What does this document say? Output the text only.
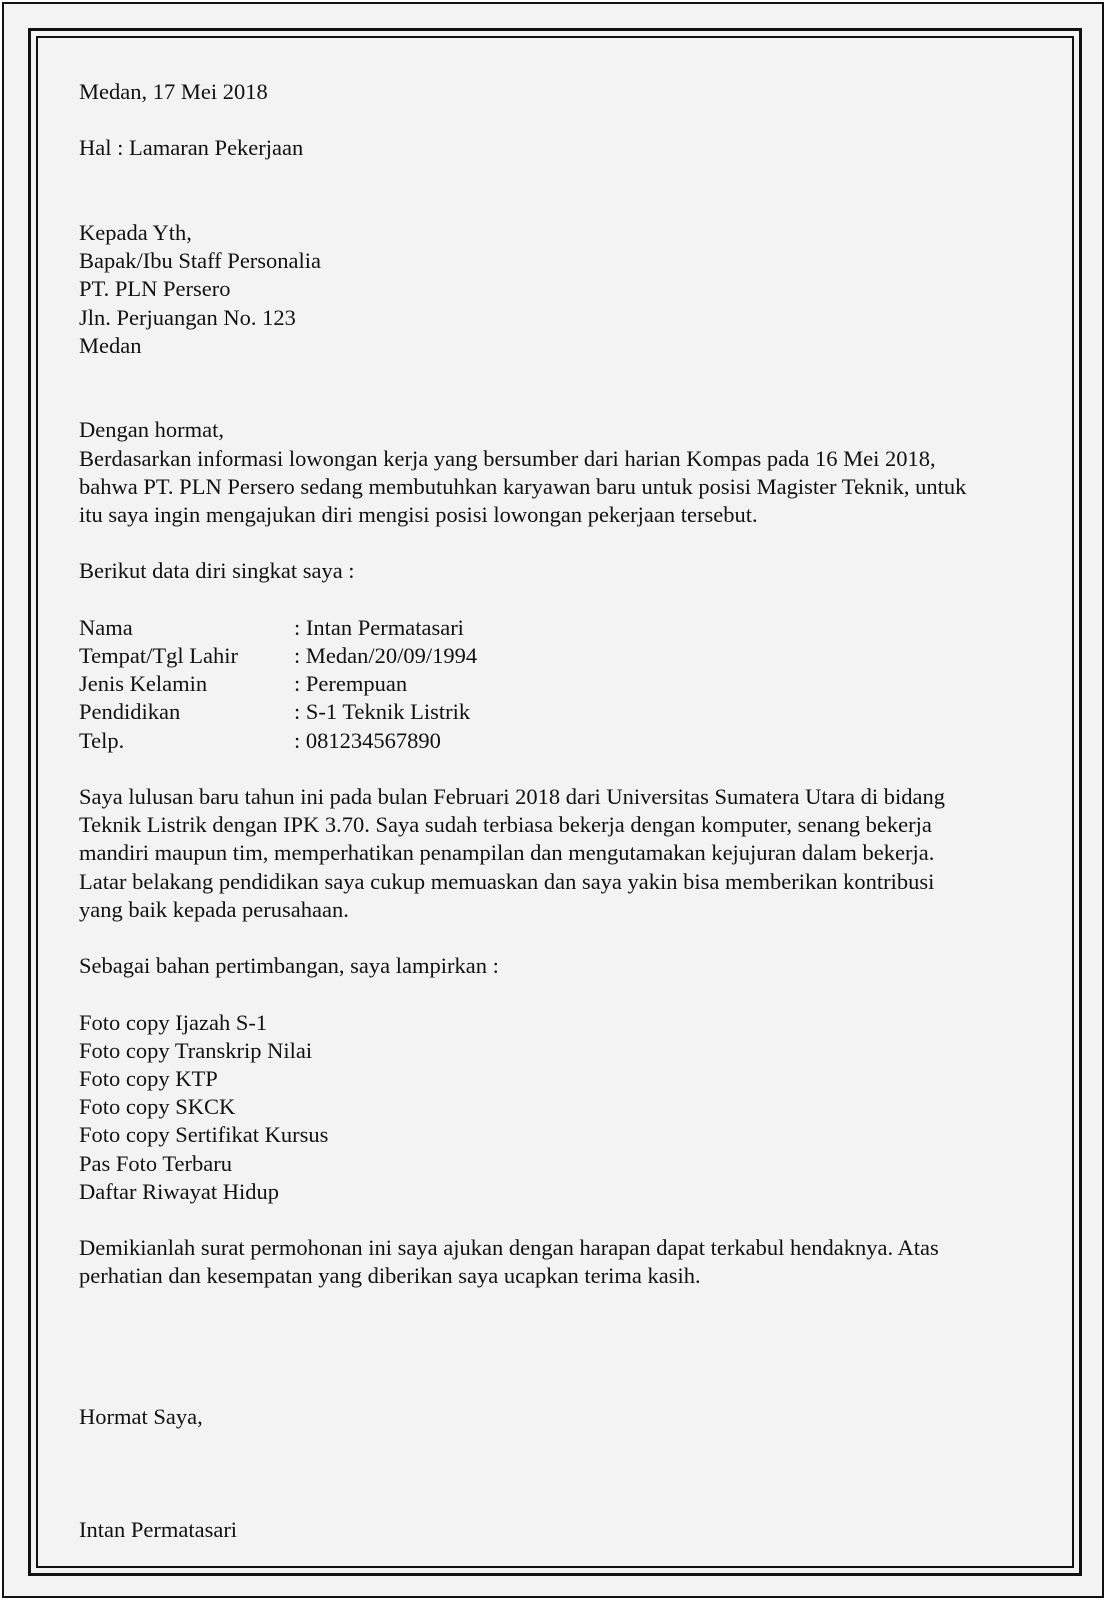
Medan, 17 Mei 2018
Hal : Lamaran Pekerjaan
Kepada Yth,
Bapak/Ibu Staff Personalia
PT. PLN Persero
Jln. Perjuangan No. 123
Medan
Dengan hormat,
Berdasarkan informasi lowongan kerja yang bersumber dari harian Kompas pada 16 Mei 2018,
bahwa PT. PLN Persero sedang membutuhkan karyawan baru untuk posisi Magister Teknik, untuk
itu saya ingin mengajukan diri mengisi posisi lowongan pekerjaan tersebut.
Berikut data diri singkat saya :
Nama	: Intan Permatasari
Tempat/Tgl Lahir	: Medan/20/09/1994
Jenis Kelamin	: Perempuan
Pendidikan	: S-1 Teknik Listrik
Telp.	: 081234567890
Saya lulusan baru tahun ini pada bulan Februari 2018 dari Universitas Sumatera Utara di bidang
Teknik Listrik dengan IPK 3.70. Saya sudah terbiasa bekerja dengan komputer, senang bekerja
mandiri maupun tim, memperhatikan penampilan dan mengutamakan kejujuran dalam bekerja.
Latar belakang pendidikan saya cukup memuaskan dan saya yakin bisa memberikan kontribusi
yang baik kepada perusahaan.
Sebagai bahan pertimbangan, saya lampirkan :
Foto copy Ijazah S-1
Foto copy Transkrip Nilai
Foto copy KTP
Foto copy SKCK
Foto copy Sertifikat Kursus
Pas Foto Terbaru
Daftar Riwayat Hidup
Demikianlah surat permohonan ini saya ajukan dengan harapan dapat terkabul hendaknya. Atas
perhatian dan kesempatan yang diberikan saya ucapkan terima kasih.
Hormat Saya,
Intan Permatasari
